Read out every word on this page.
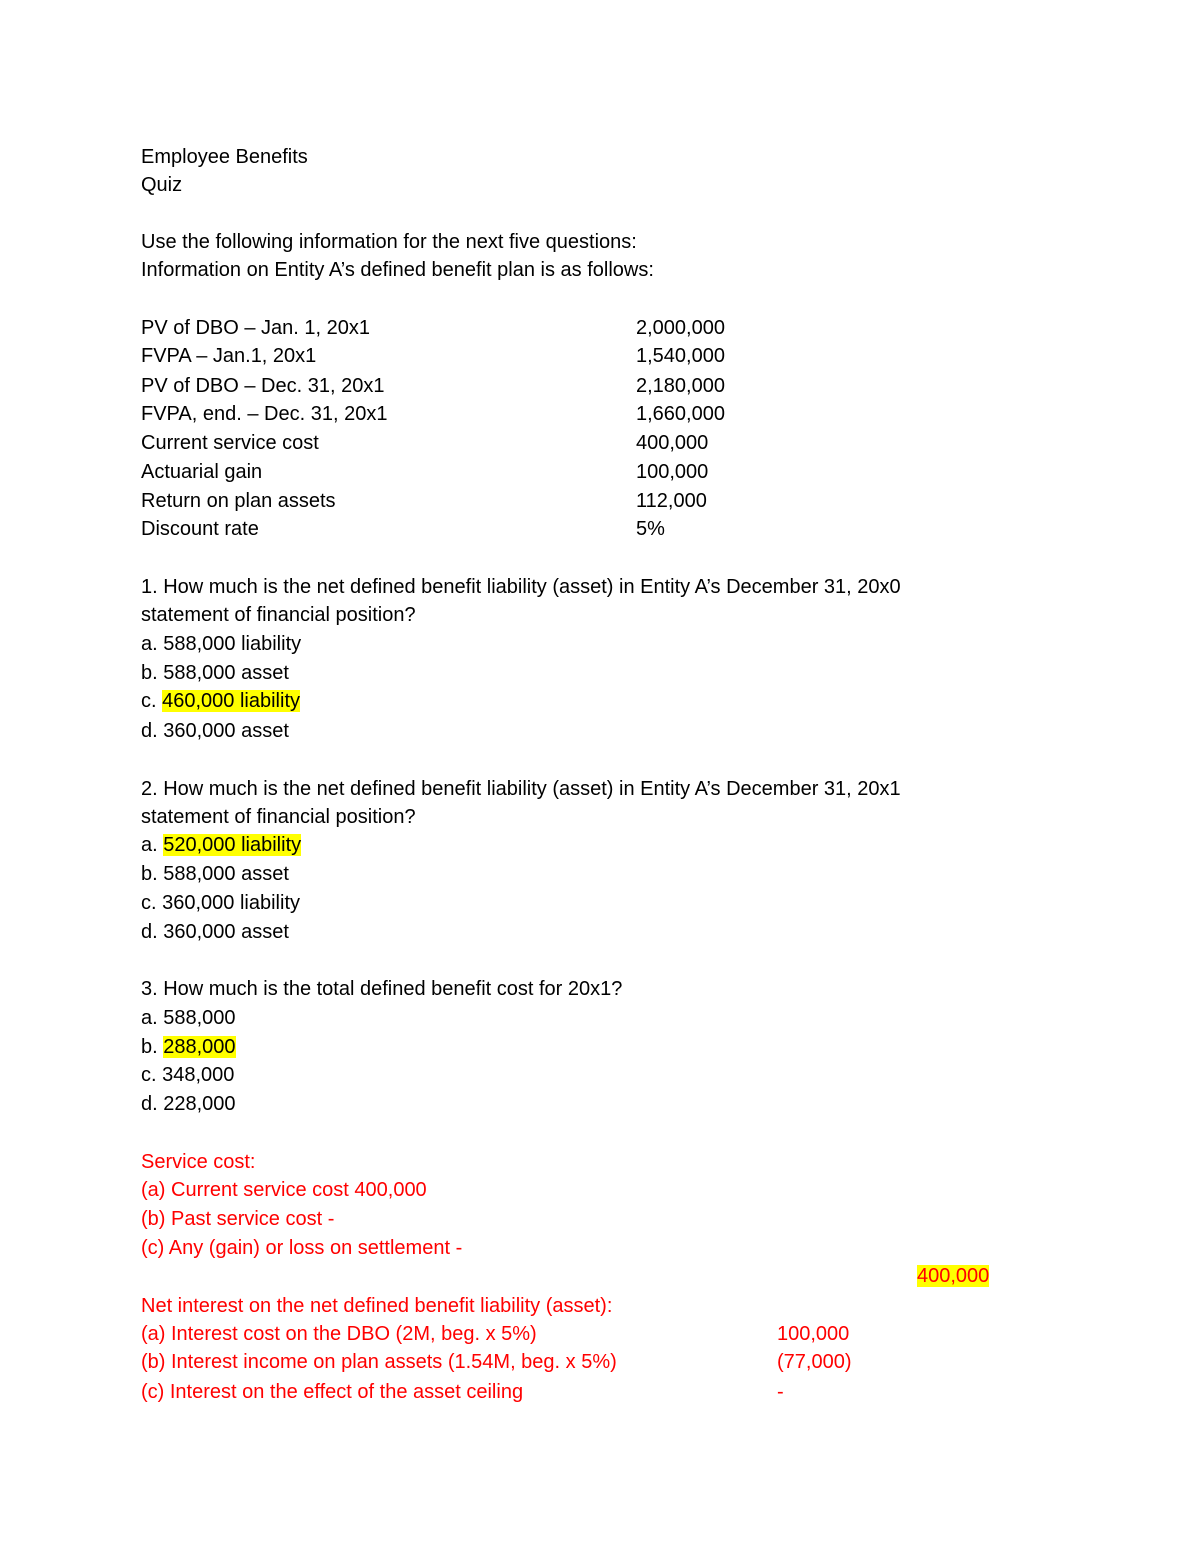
Employee Benefits
Quiz
Use the following information for the next five questions:
Information on Entity A’s defined benefit plan is as follows:
PV of DBO – Jan. 1, 20x1	2,000,000
FVPA – Jan.1, 20x1	1,540,000
PV of DBO – Dec. 31, 20x1	2,180,000
FVPA, end. – Dec. 31, 20x1	1,660,000
Current service cost	400,000
Actuarial gain	100,000
Return on plan assets	112,000
Discount rate	5%
1. How much is the net defined benefit liability (asset) in Entity A’s December 31, 20x0
statement of financial position?
a. 588,000 liability
b. 588,000 asset
c. 460,000 liability
d. 360,000 asset
2. How much is the net defined benefit liability (asset) in Entity A’s December 31, 20x1
statement of financial position?
a. 520,000 liability
b. 588,000 asset
c. 360,000 liability
d. 360,000 asset
3. How much is the total defined benefit cost for 20x1?
a. 588,000
b. 288,000
c. 348,000
d. 228,000
Service cost:
(a) Current service cost 400,000
(b) Past service cost -
(c) Any (gain) or loss on settlement -
400,000
Net interest on the net defined benefit liability (asset):
(a) Interest cost on the DBO (2M, beg. x 5%)	100,000
(b) Interest income on plan assets (1.54M, beg. x 5%)	(77,000)
(c) Interest on the effect of the asset ceiling	-
